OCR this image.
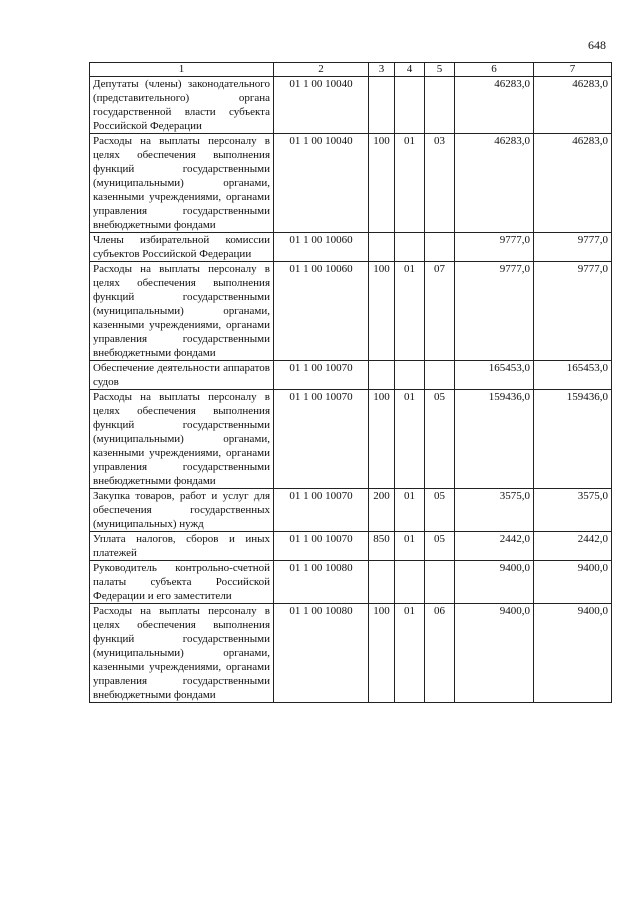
648
1	2	3	4	5	6	7
Депутаты (члены) законодательного (представительного) органа государственной власти субъекта Российской Федерации	01 1 00 10040				46283,0	46283,0
Расходы на выплаты персоналу в целях обеспечения выполнения функций государственными (муниципальными) органами, казенными учреждениями, органами управления государственными внебюджетными фондами	01 1 00 10040	100	01	03	46283,0	46283,0
Члены избирательной комиссии субъектов Российской Федерации	01 1 00 10060				9777,0	9777,0
Расходы на выплаты персоналу в целях обеспечения выполнения функций государственными (муниципальными) органами, казенными учреждениями, органами управления государственными внебюджетными фондами	01 1 00 10060	100	01	07	9777,0	9777,0
Обеспечение деятельности аппаратов судов	01 1 00 10070				165453,0	165453,0
Расходы на выплаты персоналу в целях обеспечения выполнения функций государственными (муниципальными) органами, казенными учреждениями, органами управления государственными внебюджетными фондами	01 1 00 10070	100	01	05	159436,0	159436,0
Закупка товаров, работ и услуг для обеспечения государственных (муниципальных) нужд	01 1 00 10070	200	01	05	3575,0	3575,0
Уплата налогов, сборов и иных платежей	01 1 00 10070	850	01	05	2442,0	2442,0
Руководитель контрольно-счетной палаты субъекта Российской Федерации и его заместители	01 1 00 10080				9400,0	9400,0
Расходы на выплаты персоналу в целях обеспечения выполнения функций государственными (муниципальными) органами, казенными учреждениями, органами управления государственными внебюджетными фондами	01 1 00 10080	100	01	06	9400,0	9400,0
